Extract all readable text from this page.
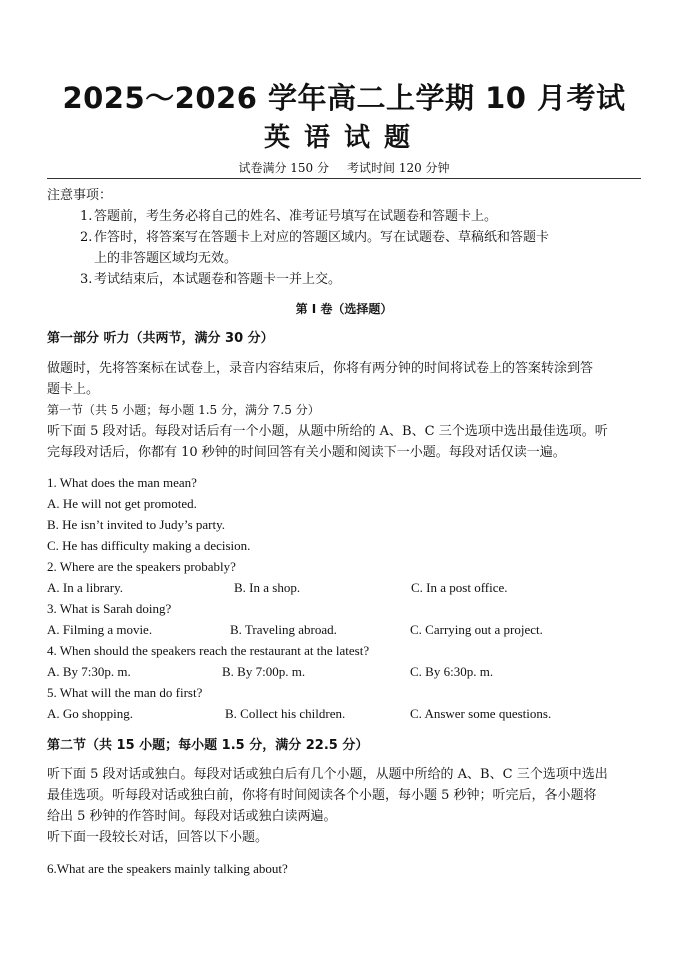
2025～2026 学年高二上学期 10 月考试
英语试题
试卷满分 150 分 考试时间 120 分钟
注意事项：
1. 答题前，考生务必将自己的姓名、准考证号填写在试题卷和答题卡上。
2. 作答时，将答案写在答题卡上对应的答题区域内。写在试题卷、草稿纸和答题卡
上的非答题区域均无效。
3. 考试结束后，本试题卷和答题卡一并上交。
第 I 卷（选择题）
第一部分 听力（共两节，满分 30 分）
做题时，先将答案标在试卷上，录音内容结束后，你将有两分钟的时间将试卷上的答案转涂到答
题卡上。
第一节（共 5 小题；每小题 1.5 分，满分 7.5 分）
听下面 5 段对话。每段对话后有一个小题，从题中所给的 A、B、C 三个选项中选出最佳选项。听
完每段对话后，你都有 10 秒钟的时间回答有关小题和阅读下一小题。每段对话仅读一遍。
1. What does the man mean?
A. He will not get promoted.
B. He isn’t invited to Judy’s party.
C. He has difficulty making a decision.
2. Where are the speakers probably?
A. In a library.	B. In a shop.	C. In a post office.
3. What is Sarah doing?
A. Filming a movie.	B. Traveling abroad.	C. Carrying out a project.
4. When should the speakers reach the restaurant at the latest?
A. By 7:30p. m.	B. By 7:00p. m.	C. By 6:30p. m.
5. What will the man do first?
A. Go shopping.	B. Collect his children.	C. Answer some questions.
第二节（共 15 小题；每小题 1.5 分，满分 22.5 分）
听下面 5 段对话或独白。每段对话或独白后有几个小题，从题中所给的 A、B、C 三个选项中选出
最佳选项。听每段对话或独白前，你将有时间阅读各个小题，每小题 5 秒钟；听完后，各小题将
给出 5 秒钟的作答时间。每段对话或独白读两遍。
听下面一段较长对话，回答以下小题。
6.What are the speakers mainly talking about?
